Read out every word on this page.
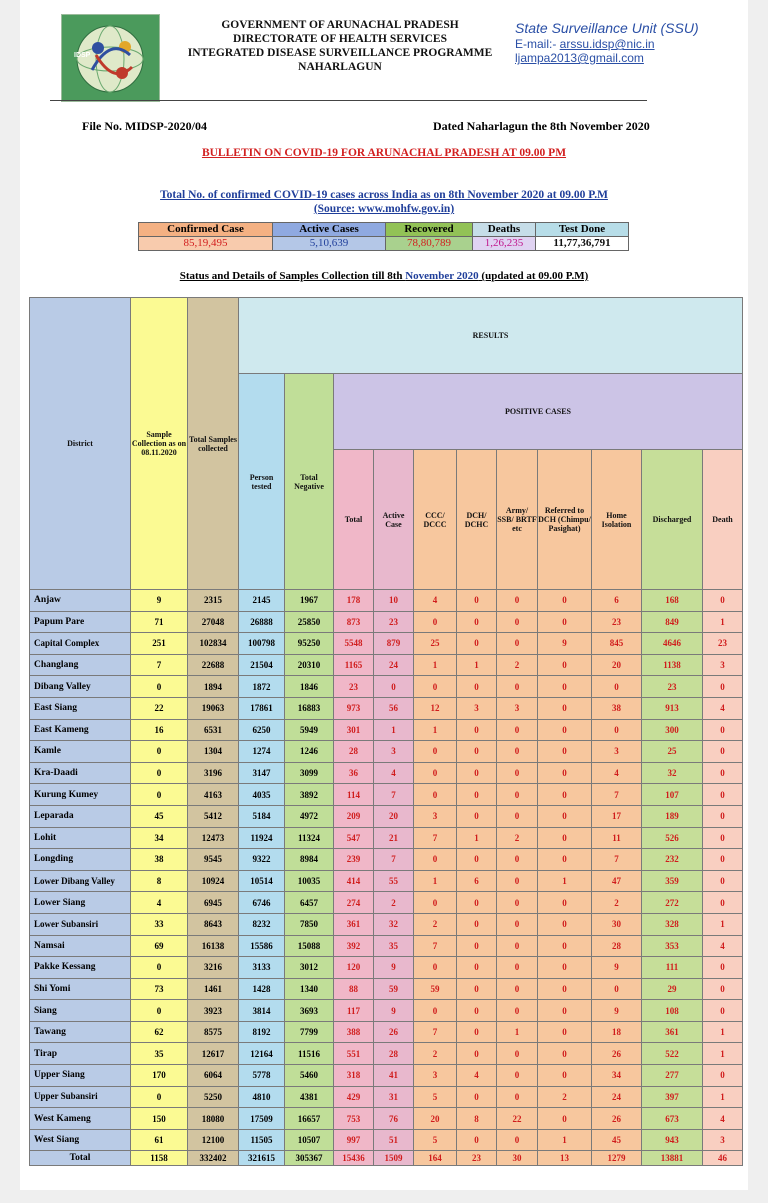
IDSP
GOVERNMENT OF ARUNACHAL PRADESH
DIRECTORATE OF HEALTH SERVICES
INTEGRATED DISEASE SURVEILLANCE PROGRAMME
NAHARLAGUN
State Surveillance Unit (SSU)
E-mail:- arssu.idsp@nic.in
ljampa2013@gmail.com
File No. MIDSP-2020/04	Dated Naharlagun the 8th November 2020
BULLETIN ON COVID-19 FOR ARUNACHAL PRADESH AT 09.00 PM
Total No. of confirmed COVID-19 cases across India as on 8th November 2020 at 09.00 P.M
(Source: www.mohfw.gov.in)
Confirmed Case	Active Cases	Recovered	Deaths	Test Done
85,19,495	5,10,639	78,80,789	1,26,235	11,77,36,791
Status and Details of Samples Collection till 8th November 2020 (updated at 09.00 P.M)
District	Sample Collection as on 08.11.2020	Total Samples collected	RESULTS										
			Person tested	Total Negative	POSITIVE CASES								
					Total	Active Case	CCC/ DCCC	DCH/ DCHC	Army/ SSB/ BRTF etc	Referred to DCH (Chimpu/ Pasighat)	Home Isolation	Discharged	Death
Anjaw	9	2315	2145	1967	178	10	4	0	0	0	6	168	0
Papum Pare	71	27048	26888	25850	873	23	0	0	0	0	23	849	1
Capital Complex	251	102834	100798	95250	5548	879	25	0	0	9	845	4646	23
Changlang	7	22688	21504	20310	1165	24	1	1	2	0	20	1138	3
Dibang Valley	0	1894	1872	1846	23	0	0	0	0	0	0	23	0
East Siang	22	19063	17861	16883	973	56	12	3	3	0	38	913	4
East Kameng	16	6531	6250	5949	301	1	1	0	0	0	0	300	0
Kamle	0	1304	1274	1246	28	3	0	0	0	0	3	25	0
Kra-Daadi	0	3196	3147	3099	36	4	0	0	0	0	4	32	0
Kurung Kumey	0	4163	4035	3892	114	7	0	0	0	0	7	107	0
Leparada	45	5412	5184	4972	209	20	3	0	0	0	17	189	0
Lohit	34	12473	11924	11324	547	21	7	1	2	0	11	526	0
Longding	38	9545	9322	8984	239	7	0	0	0	0	7	232	0
Lower Dibang Valley	8	10924	10514	10035	414	55	1	6	0	1	47	359	0
Lower Siang	4	6945	6746	6457	274	2	0	0	0	0	2	272	0
Lower Subansiri	33	8643	8232	7850	361	32	2	0	0	0	30	328	1
Namsai	69	16138	15586	15088	392	35	7	0	0	0	28	353	4
Pakke Kessang	0	3216	3133	3012	120	9	0	0	0	0	9	111	0
Shi Yomi	73	1461	1428	1340	88	59	59	0	0	0	0	29	0
Siang	0	3923	3814	3693	117	9	0	0	0	0	9	108	0
Tawang	62	8575	8192	7799	388	26	7	0	1	0	18	361	1
Tirap	35	12617	12164	11516	551	28	2	0	0	0	26	522	1
Upper Siang	170	6064	5778	5460	318	41	3	4	0	0	34	277	0
Upper Subansiri	0	5250	4810	4381	429	31	5	0	0	2	24	397	1
West Kameng	150	18080	17509	16657	753	76	20	8	22	0	26	673	4
West Siang	61	12100	11505	10507	997	51	5	0	0	1	45	943	3
Total	1158	332402	321615	305367	15436	1509	164	23	30	13	1279	13881	46
